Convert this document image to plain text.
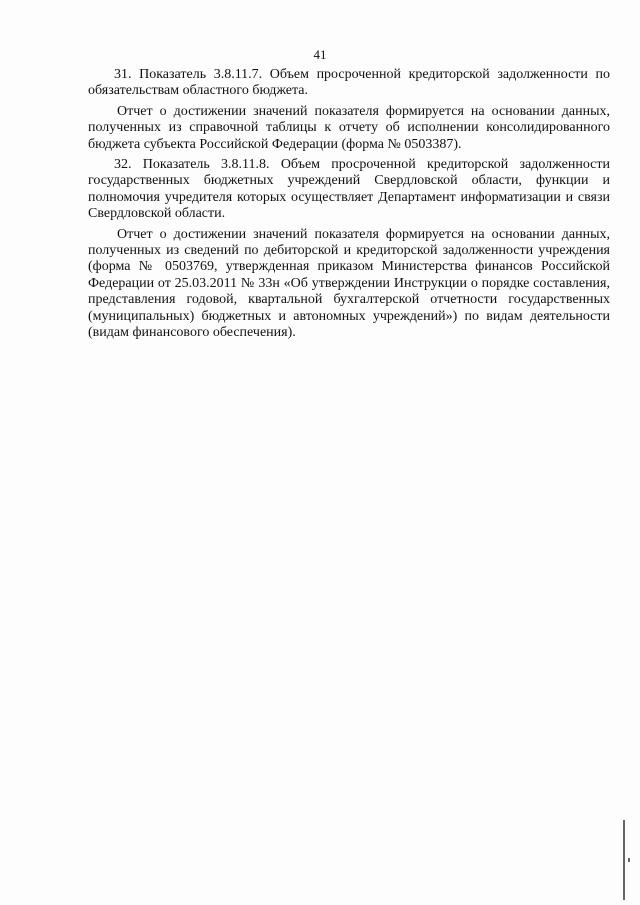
41

31. Показатель 3.8.11.7. Объем просроченной кредиторской задолженности по обязательствам областного бюджета.

Отчет о достижении значений показателя формируется на основании данных, полученных из справочной таблицы к отчету об исполнении консолидированного бюджета субъекта Российской Федерации (форма № 0503387).

32. Показатель 3.8.11.8. Объем просроченной кредиторской задолженности государственных бюджетных учреждений Свердловской области, функции и полномочия учредителя которых осуществляет Департамент информатизации и связи Свердловской области.

Отчет о достижении значений показателя формируется на основании данных, полученных из сведений по дебиторской и кредиторской задолженности учреждения (форма № 0503769, утвержденная приказом Министерства финансов Российской Федерации от 25.03.2011 № 33н «Об утверждении Инструкции о порядке составления, представления годовой, квартальной бухгалтерской отчетности государственных (муниципальных) бюджетных и автономных учреждений») по видам деятельности (видам финансового обеспечения).
